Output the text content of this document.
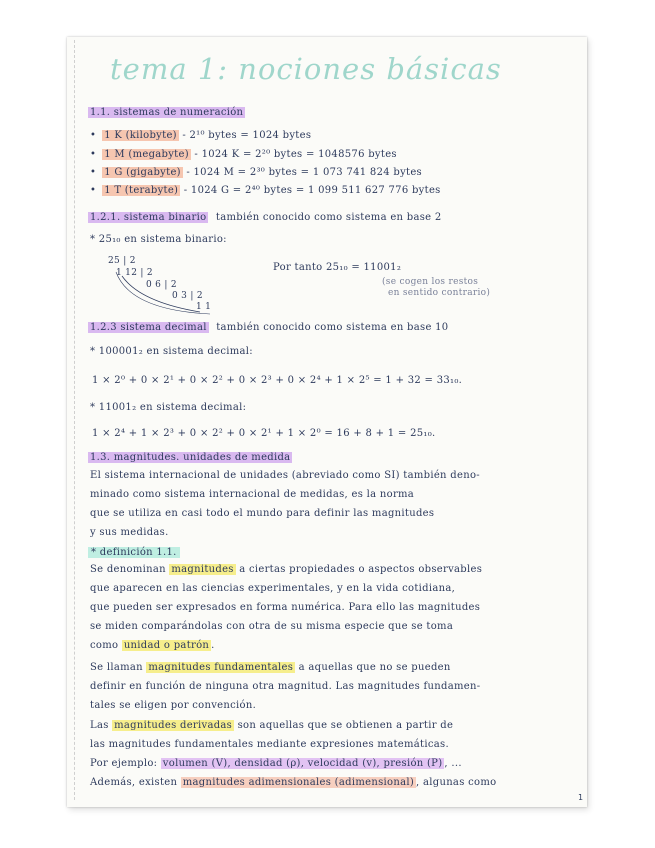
tema 1: nociones básicas
1.1. sistemas de numeración
• 1 K (kilobyte) - 2¹⁰ bytes = 1024 bytes
• 1 M (megabyte) - 1024 K = 2²⁰ bytes = 1048576 bytes
• 1 G (gigabyte) - 1024 M = 2³⁰ bytes = 1 073 741 824 bytes
• 1 T (terabyte) - 1024 G = 2⁴⁰ bytes = 1 099 511 627 776 bytes
1.2.1. sistema binario también conocido como sistema en base 2
* 25₁₀ en sistema binario:
25 | 2
1 12 | 2
0 6 | 2
0 3 | 2
1 1
Por tanto 25₁₀ = 11001₂
(se cogen los restos
en sentido contrario)
1.2.3 sistema decimal también conocido como sistema en base 10
* 100001₂ en sistema decimal:
1 × 2⁰ + 0 × 2¹ + 0 × 2² + 0 × 2³ + 0 × 2⁴ + 1 × 2⁵ = 1 + 32 = 33₁₀.
* 11001₂ en sistema decimal:
1 × 2⁴ + 1 × 2³ + 0 × 2² + 0 × 2¹ + 1 × 2⁰ = 16 + 8 + 1 = 25₁₀.
1.3. magnitudes. unidades de medida
El sistema internacional de unidades (abreviado como SI) también deno-
minado como sistema internacional de medidas, es la norma
que se utiliza en casi todo el mundo para definir las magnitudes
y sus medidas.
* definición 1.1.
Se denominan magnitudes a ciertas propiedades o aspectos observables
que aparecen en las ciencias experimentales, y en la vida cotidiana,
que pueden ser expresados en forma numérica. Para ello las magnitudes
se miden comparándolas con otra de su misma especie que se toma
como unidad o patrón .
Se llaman magnitudes fundamentales a aquellas que no se pueden
definir en función de ninguna otra magnitud. Las magnitudes fundamen-
tales se eligen por convención.
Las magnitudes derivadas son aquellas que se obtienen a partir de
las magnitudes fundamentales mediante expresiones matemáticas.
Por ejemplo: volumen (V), densidad (ρ), velocidad (v), presión (P) , ...
Además, existen magnitudes adimensionales (adimensional) , algunas como
1
